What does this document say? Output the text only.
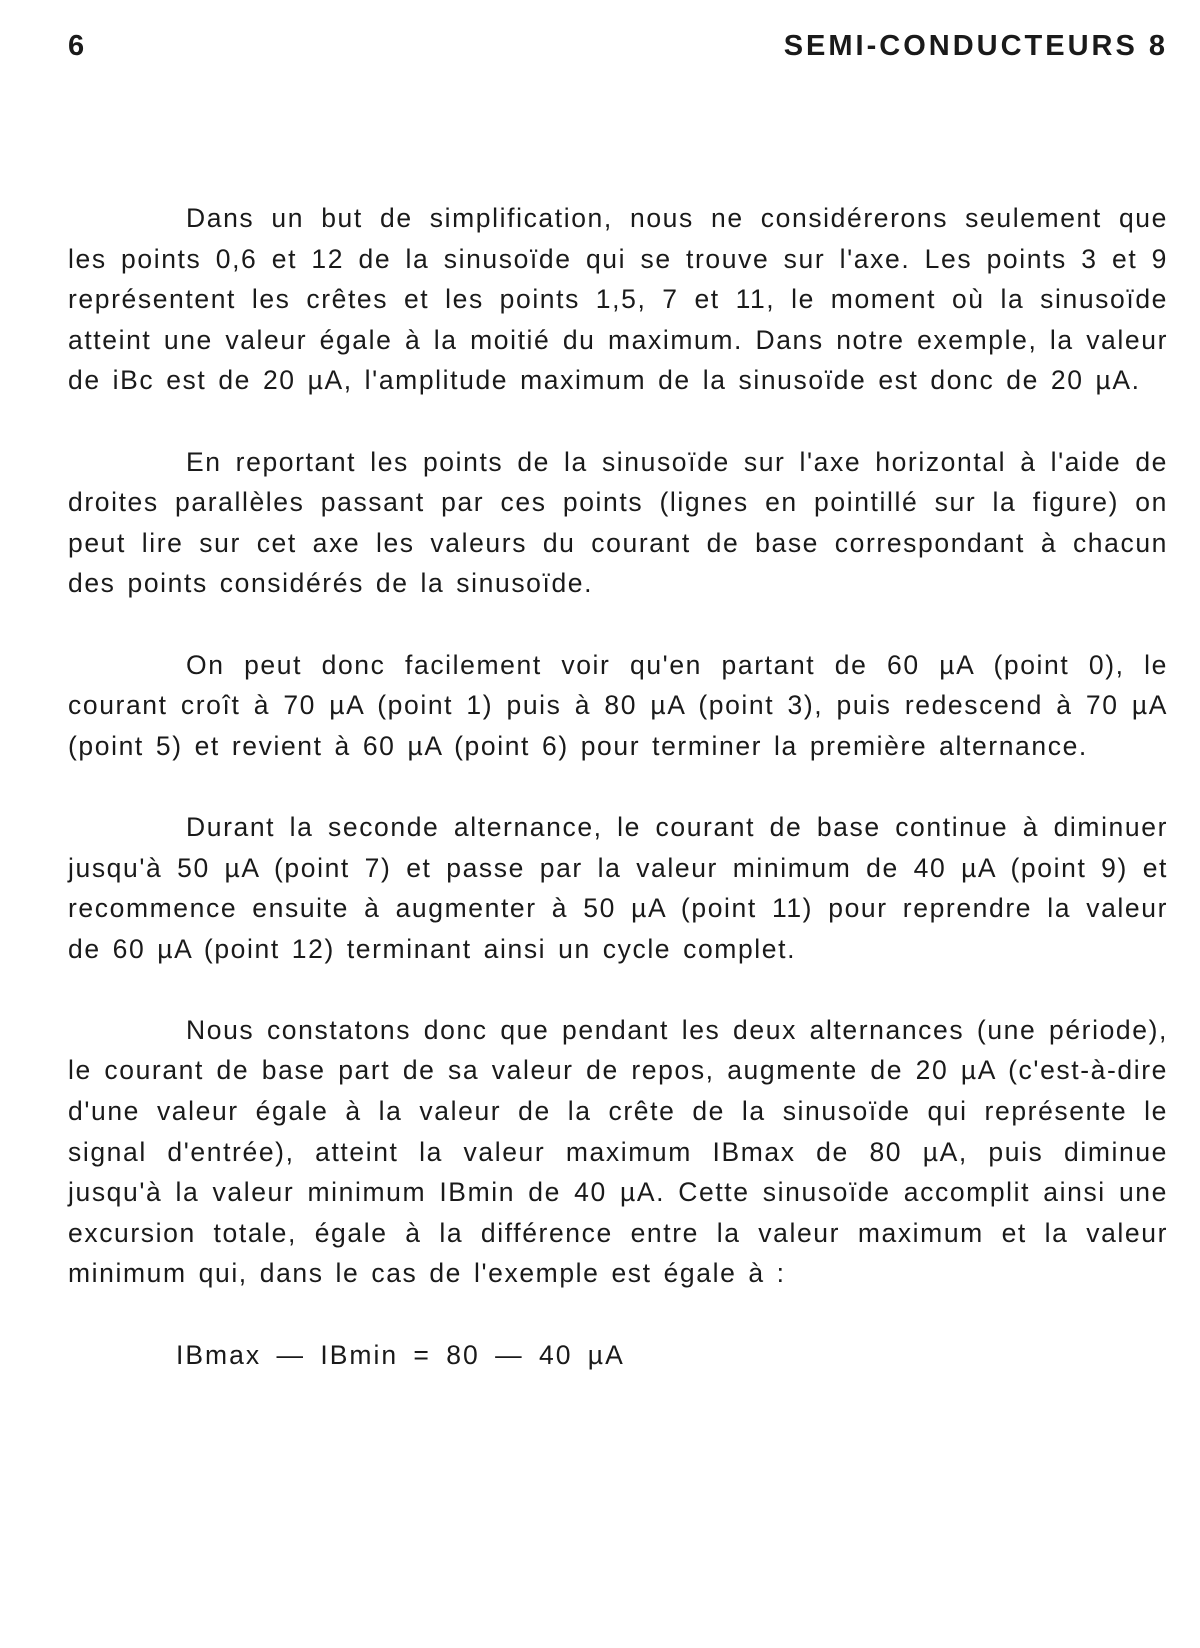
6	SEMI-CONDUCTEURS 8

Dans un but de simplification, nous ne considérerons seulement que les points 0,6 et 12 de la sinusoïde qui se trouve sur l'axe. Les points 3 et 9 représentent les crêtes et les points 1,5, 7 et 11, le moment où la sinusoïde atteint une valeur égale à la moitié du maximum. Dans notre exemple, la valeur de iBc est de 20 µA, l'amplitude maximum de la sinusoïde est donc de 20 µA.

En reportant les points de la sinusoïde sur l'axe horizontal à l'aide de droites parallèles passant par ces points (lignes en pointillé sur la figure) on peut lire sur cet axe les valeurs du courant de base correspondant à chacun des points considérés de la sinusoïde.

On peut donc facilement voir qu'en partant de 60 µA (point 0), le courant croît à 70 µA (point 1) puis à 80 µA (point 3), puis redescend à 70 µA (point 5) et revient à 60 µA (point 6) pour terminer la première alternance.

Durant la seconde alternance, le courant de base continue à diminuer jusqu'à 50 µA (point 7) et passe par la valeur minimum de 40 µA (point 9) et recommence ensuite à augmenter à 50 µA (point 11) pour reprendre la valeur de 60 µA (point 12) terminant ainsi un cycle complet.

Nous constatons donc que pendant les deux alternances (une période), le courant de base part de sa valeur de repos, augmente de 20 µA (c'est-à-dire d'une valeur égale à la valeur de la crête de la sinusoïde qui représente le signal d'entrée), atteint la valeur maximum IBmax de 80 µA, puis diminue jusqu'à la valeur minimum IBmin de 40 µA. Cette sinusoïde accomplit ainsi une excursion totale, égale à la différence entre la valeur maximum et la valeur minimum qui, dans le cas de l'exemple est égale à :

IBmax — IBmin = 80 — 40 µA
